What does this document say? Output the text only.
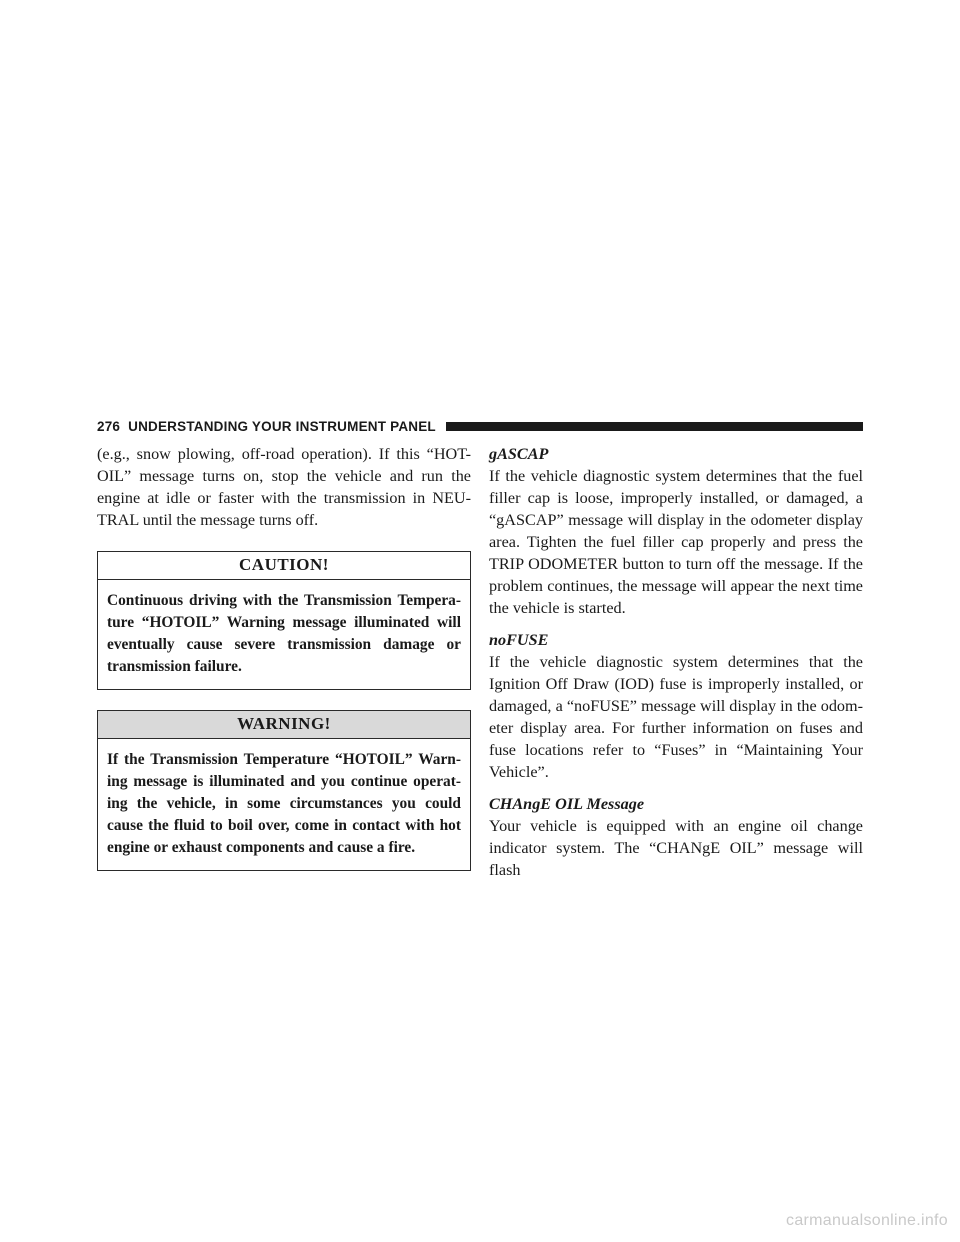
276 UNDERSTANDING YOUR INSTRUMENT PANEL

(e.g., snow plowing, off-road operation). If this “HOT-OIL” message turns on, stop the vehicle and run the engine at idle or faster with the transmission in NEU-TRAL until the message turns off.

CAUTION!
Continuous driving with the Transmission Tempera-ture “HOTOIL” Warning message illuminated will eventually cause severe transmission damage or transmission failure.
WARNING!
If the Transmission Temperature “HOTOIL” Warn-ing message is illuminated and you continue operat-ing the vehicle, in some circumstances you could cause the fluid to boil over, come in contact with hot engine or exhaust components and cause a fire.
gASCAP

If the vehicle diagnostic system determines that the fuel filler cap is loose, improperly installed, or damaged, a “gASCAP” message will display in the odometer display area. Tighten the fuel filler cap properly and press the TRIP ODOMETER button to turn off the message. If the problem continues, the message will appear the next time the vehicle is started.

noFUSE

If the vehicle diagnostic system determines that the Ignition Off Draw (IOD) fuse is improperly installed, or damaged, a “noFUSE” message will display in the odom-eter display area. For further information on fuses and fuse locations refer to “Fuses” in “Maintaining Your Vehicle”.

CHAngE OIL Message

Your vehicle is equipped with an engine oil change indicator system. The “CHANgE OIL” message will flash

carmanualsonline.info
